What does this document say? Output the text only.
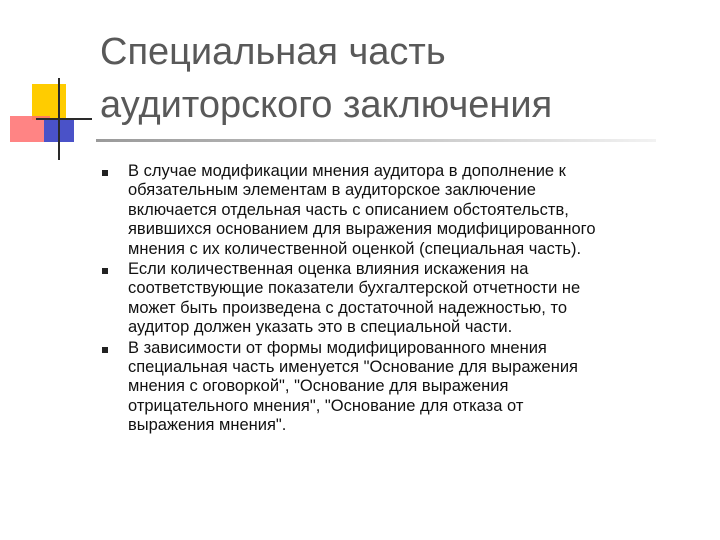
Специальная часть
аудиторского заключения
В случае модификации мнения аудитора в дополнение к
обязательным элементам в аудиторское заключение
включается отдельная часть с описанием обстоятельств,
явившихся основанием для выражения модифицированного
мнения с их количественной оценкой (специальная часть).
Если количественная оценка влияния искажения на
соответствующие показатели бухгалтерской отчетности не
может быть произведена с достаточной надежностью, то
аудитор должен указать это в специальной части.
В зависимости от формы модифицированного мнения
специальная часть именуется "Основание для выражения
мнения с оговоркой", "Основание для выражения
отрицательного мнения", "Основание для отказа от
выражения мнения".
